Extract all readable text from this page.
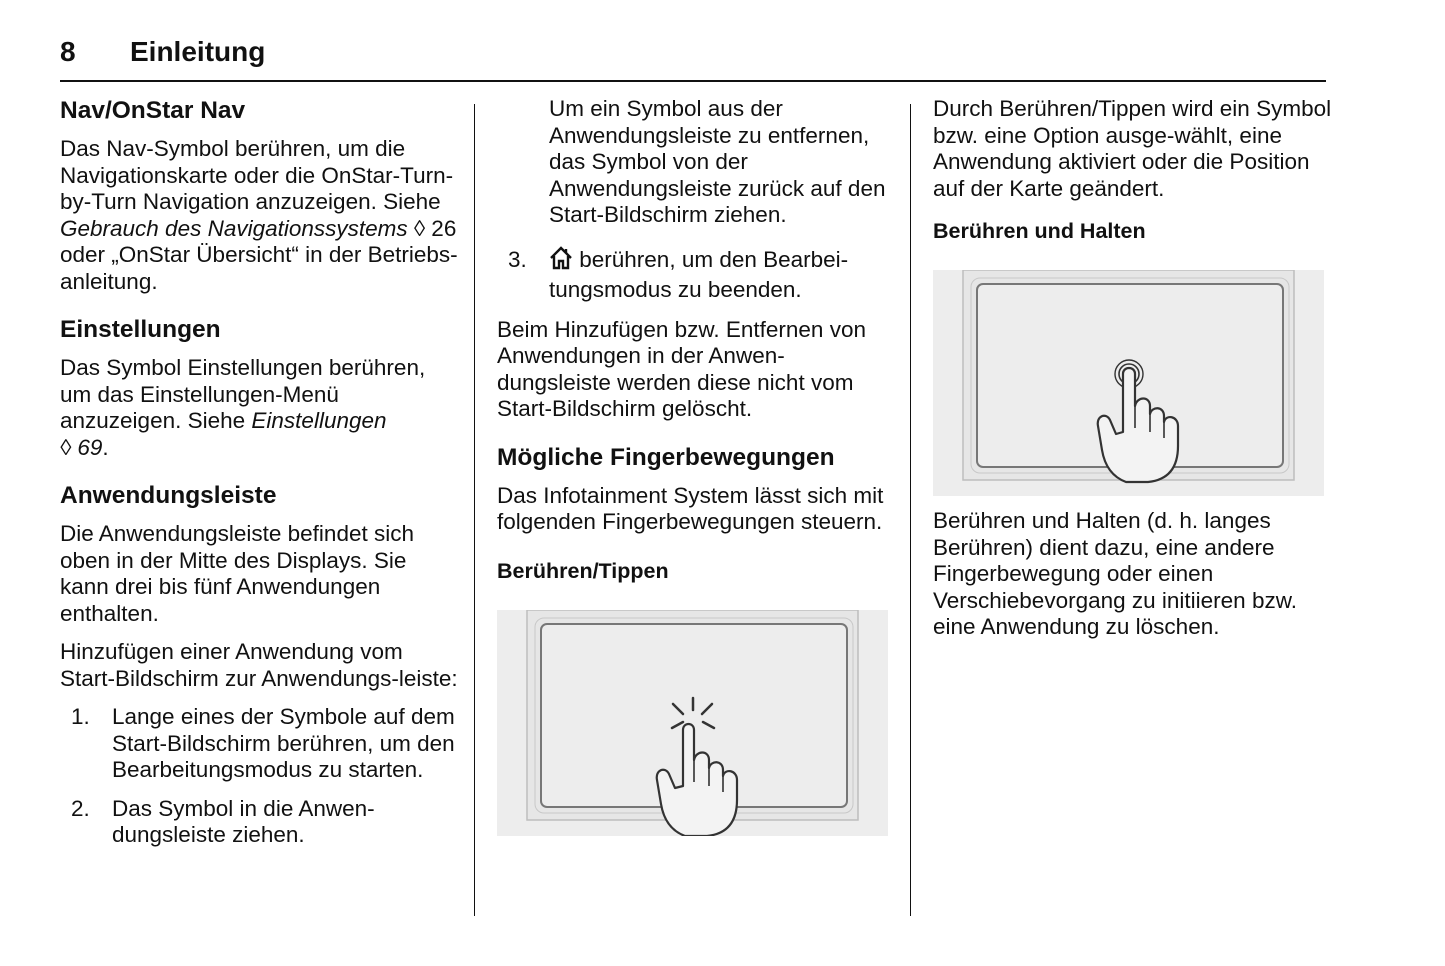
8 Einleitung
Nav/OnStar Nav

Das Nav-Symbol berühren, um die Navigationskarte oder die OnStar-Turn-by-Turn Navigation anzuzeigen. Siehe Gebrauch des Navigationssystems ◊ 26 oder „OnStar Übersicht“ in der Betriebs-anleitung.

Einstellungen

Das Symbol Einstellungen berühren, um das Einstellungen-Menü anzuzeigen. Siehe Einstellungen
◊ 69.

Anwendungsleiste

Die Anwendungsleiste befindet sich oben in der Mitte des Displays. Sie kann drei bis fünf Anwendungen enthalten.

Hinzufügen einer Anwendung vom Start-Bildschirm zur Anwendungs-leiste:

1. Lange eines der Symbole auf dem Start-Bildschirm berühren, um den Bearbeitungsmodus zu starten.
2. Das Symbol in die Anwen-dungsleiste ziehen.

Um ein Symbol aus der Anwendungsleiste zu entfernen, das Symbol von der Anwendungsleiste zurück auf den Start-Bildschirm ziehen.

3. berühren, um den Bearbei-tungsmodus zu beenden.

Beim Hinzufügen bzw. Entfernen von Anwendungen in der Anwen-dungsleiste werden diese nicht vom Start-Bildschirm gelöscht.

Mögliche Fingerbewegungen

Das Infotainment System lässt sich mit folgenden Fingerbewegungen steuern.

Berühren/Tippen

Durch Berühren/Tippen wird ein Symbol bzw. eine Option ausge-wählt, eine Anwendung aktiviert oder die Position auf der Karte geändert.

Berühren und Halten

Berühren und Halten (d. h. langes Berühren) dient dazu, eine andere Fingerbewegung oder einen Verschiebevorgang zu initiieren bzw. eine Anwendung zu löschen.
